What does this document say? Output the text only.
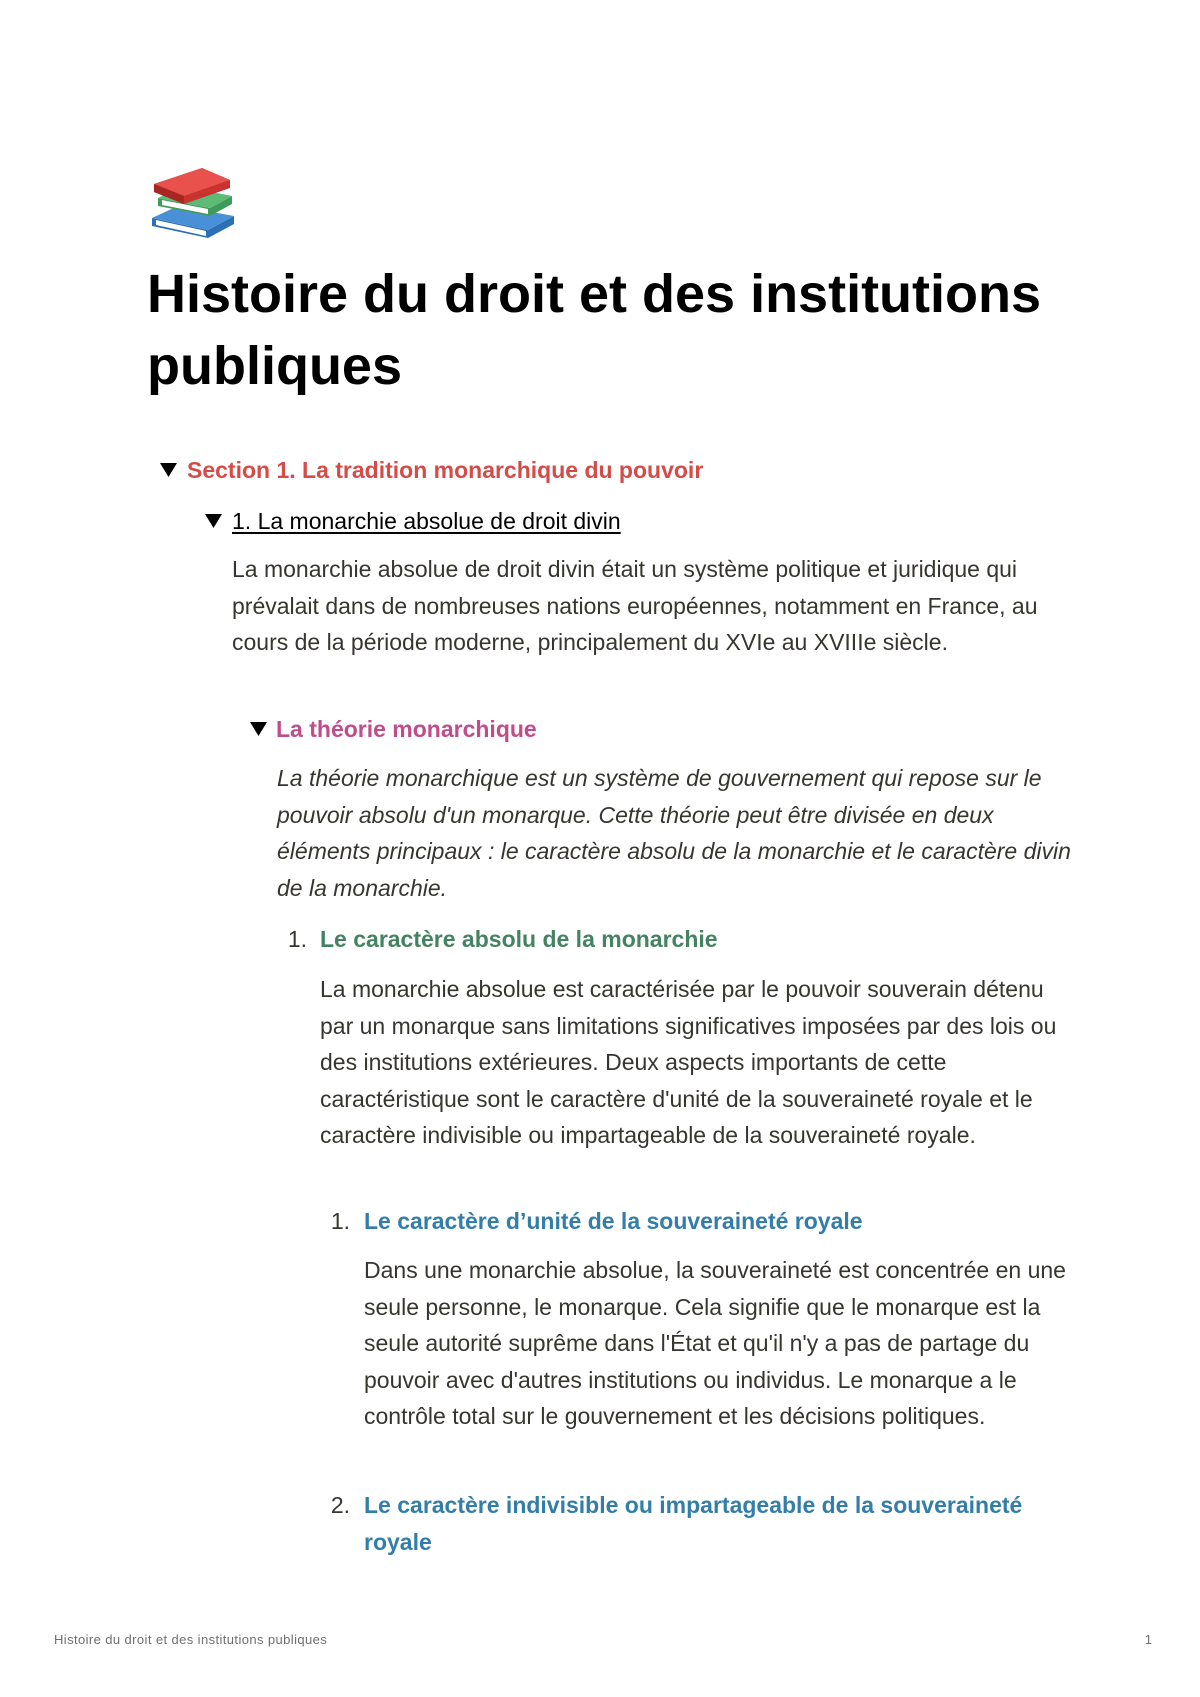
Histoire du droit et des institutions publiques
Section 1. La tradition monarchique du pouvoir
1. La monarchie absolue de droit divin

La monarchie absolue de droit divin était un système politique et juridique qui prévalait dans de nombreuses nations européennes, notamment en France, au cours de la période moderne, principalement du XVIe au XVIIIe siècle.

La théorie monarchique

La théorie monarchique est un système de gouvernement qui repose sur le pouvoir absolu d'un monarque. Cette théorie peut être divisée en deux éléments principaux : le caractère absolu de la monarchie et le caractère divin de la monarchie.

1. Le caractère absolu de la monarchie

La monarchie absolue est caractérisée par le pouvoir souverain détenu par un monarque sans limitations significatives imposées par des lois ou des institutions extérieures. Deux aspects importants de cette caractéristique sont le caractère d'unité de la souveraineté royale et le caractère indivisible ou impartageable de la souveraineté royale.

1. Le caractère d’unité de la souveraineté royale

Dans une monarchie absolue, la souveraineté est concentrée en une seule personne, le monarque. Cela signifie que le monarque est la seule autorité suprême dans l'État et qu'il n'y a pas de partage du pouvoir avec d'autres institutions ou individus. Le monarque a le contrôle total sur le gouvernement et les décisions politiques.

2. Le caractère indivisible ou impartageable de la souveraineté royale
Histoire du droit et des institutions publiques	1
